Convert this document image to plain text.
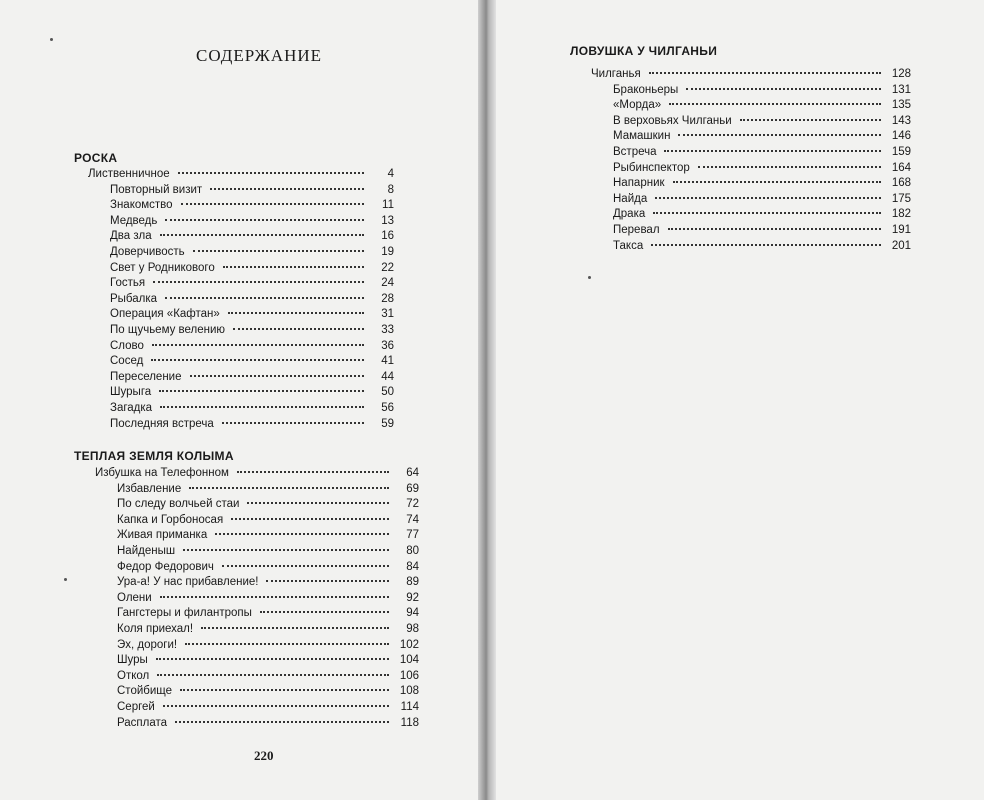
СОДЕРЖАНИЕ
РОСКА
Лиственничное	4
Повторный визит	8
Знакомство	11
Медведь	13
Два зла	16
Доверчивость	19
Свет у Родникового	22
Гостья	24
Рыбалка	28
Операция «Кафтан»	31
По щучьему велению	33
Слово	36
Сосед	41
Переселение	44
Шурыга	50
Загадка	56
Последняя встреча	59
ТЕПЛАЯ ЗЕМЛЯ КОЛЫМА
Избушка на Телефонном	64
Избавление	69
По следу волчьей стаи	72
Капка и Горбоносая	74
Живая приманка	77
Найденыш	80
Федор Федорович	84
Ура-а! У нас прибавление!	89
Олени	92
Гангстеры и филантропы	94
Коля приехал!	98
Эх, дороги!	102
Шуры	104
Откол	106
Стойбище	108
Сергей	114
Расплата	118
220
ЛОВУШКА У ЧИЛГАНЬИ
Чилганья	128
Браконьеры	131
«Морда»	135
В верховьях Чилганьи	143
Мамашкин	146
Встреча	159
Рыбинспектор	164
Напарник	168
Найда	175
Драка	182
Перевал	191
Такса	201
